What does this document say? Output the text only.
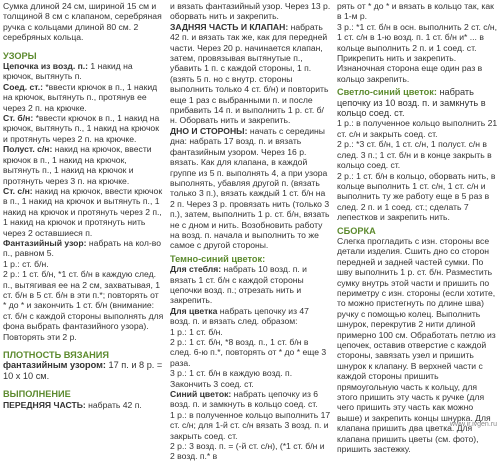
Сумка длиной 24 см, шириной 15 см и толщиной 8 см с клапаном, серебряная ручка с кольцами длиной 80 см. 2 серебряных кольца.

УЗОРЫ

Цепочка из возд. п.: 1 накид на крючок, вытянуть п.

Соед. ст.: *ввести крючок в п., 1 накид на крючок, вытянуть п., протянув ее через 2 п. на крючке.

Ст. б/н: *ввести крючок в п., 1 накид на крючок, вытянуть п., 1 накид на крючок и протянуть через 2 п. на крючке.

Полуст. с/н: накид на крючок, ввести крючок в п., 1 накид на крючок, вытянуть п., 1 накид на крючок и протянуть через 3 п. на крючке.

Ст. с/н: накид на крючок, ввести крючок в п., 1 накид на крючок и вытянуть п., 1 накид на крючок и протянуть через 2 п., 1 накид на крючок и протянуть нить через 2 оставшиеся п.

Фантазийный узор: набрать на кол-во п., равном 5.

1 р.: ст. б/н.

2 р.: 1 ст. б/н, *1 ст. б/н в каждую след. п., вытягивая ее на 2 см, захватывая, 1 ст. б/н в 5 ст. б/н в эти п.*; повторять от * до * и закончить 1 ст. б/н (внимание: ст. б/н с каждой стороны выполнять для фона выбрать фантазийного узора). Повторять эти 2 р.

ПЛОТНОСТЬ ВЯЗАНИЯ фантазийным узором: 17 п. и 8 р. = 10 х 10 см.

ВЫПОЛНЕНИЕ

ПЕРЕДНЯЯ ЧАСТЬ: набрать 42 п.

и вязать фантазийный узор. Через 13 р. оборвать нить и закрепить.

ЗАДНЯЯ ЧАСТЬ И КЛАПАН: набрать 42 п. и вязать так же, как для передней части. Через 20 р. начинается клапан, затем, провязывая вытянутые п., убавить 1 п. с каждой стороны, 1 п. (взять 5 п. но с внутр. стороны выполнить только 4 ст. б/н) и повторить еще 1 раз с выбранными п. и после прибавить 14 п. и выполнить 1 р. ст. б/н. Оборвать нить и закрепить.

ДНО И СТОРОНЫ: начать с середины дна: набрать 17 возд. п. и вязать фантазийным узором. Через 16 р. вязать. Как для клапана, в каждой группе из 5 п. выполнять 4, а при узора выполнять, убавляя другой п. (вязать только 3 п.), вязать каждый 1 ст. б/н на 2 п. Через 3 р. провязать нить (только 3 п.), затем, выполнить 1 р. ст. б/н, вязать не с дном и нить. Возобновить работу на возд. п. начала и выполнить то же самое с другой стороны.

Темно-синий цветок:

Для стебля: набрать 10 возд. п. и вязать 1 ст. б/н с каждой стороны цепочки возд. п.; отрезать нить и закрепить.

Для цветка набрать цепочку из 47 возд. п. и вязать след. образом:

1 р.: 1 ст. б/н.

2 р.: 1 ст. б/н, *8 возд. п., 1 ст. б/н в след. 6-ю п.*, повторять от * до * еще 3 раза.

3 р.: 1 ст. б/н в каждую возд. п. Закончить 3 соед. ст.

Синий цветок: набрать цепочку из 6 возд. п. и замкнуть в кольцо соед. ст.

1 р.: в полученное кольцо выполнить 17 ст. с/н; для 1-й ст. с/н вязать 3 возд. п. и закрыть соед. ст.

2 р.: 3 возд. п. = (-й ст. с/н), (*1 ст. б/н и 2 возд. п.* в

рять от * до * и вязать в кольцо так, как в 1-м р.

3 р.: *1 ст. б/н в осн. выполнить 2 ст. с/н, 1 ст. с/н в 1-ю возд. п. 1 ст. б/н и* ... в кольце выполнить 2 п. и 1 соед. ст. Прикрепить нить и закрепить. Изнаночная сторона еще один раз в кольцо закрепить.

Светло-синий цветок: набрать цепочку из 10 возд. п. и замкнуть в кольцо соед. ст.

1 р.: в полученное кольцо выполнить 21 ст. с/н и закрыть соед. ст.

2 р.: *3 ст. б/н, 1 ст. с/н, 1 полуст. с/н в след. 3 п.; 1 ст. б/н и в конце закрыть в кольцо соед. ст.

2 р.: 1 ст. б/н в кольцо, оборвать нить, в кольце выполнить 1 ст. с/н, 1 ст. с/н и выполнить ту же работу еще в 5 раз в след. 2 п. и 1 соед. ст.; сделать 7 лепестков и закрепить нить.

СБОРКА

Слегка прогладить с изн. стороны все детали изделия. Сшить дно со сторон передней и задней частей сумки. По шву выполнить 1 р. ст. б/н. Разместить сумку внутрь этой части и пришить по периметру с изн. стороны (если хотите, то можно пристегнуть по длине шва) ручку с помощью колец. Выполнить шнурок, перекрутив 2 нити длиной примерно 100 см. Обработать петлю из цепочек, оставив отверстие с каждой стороны, завязать узел и пришить шнурок к клапану. В верхней части с каждой стороны пришить прямоугольную часть к кольцу, для этого пришить эту часть к ручке (для чего пришить эту часть как можно выше) и закрепить концы шнурка. Для клапана пришить два цветка. Для клапана пришить цветы (см. фото), пришить застежку.

www.ir.ivgen.ru
